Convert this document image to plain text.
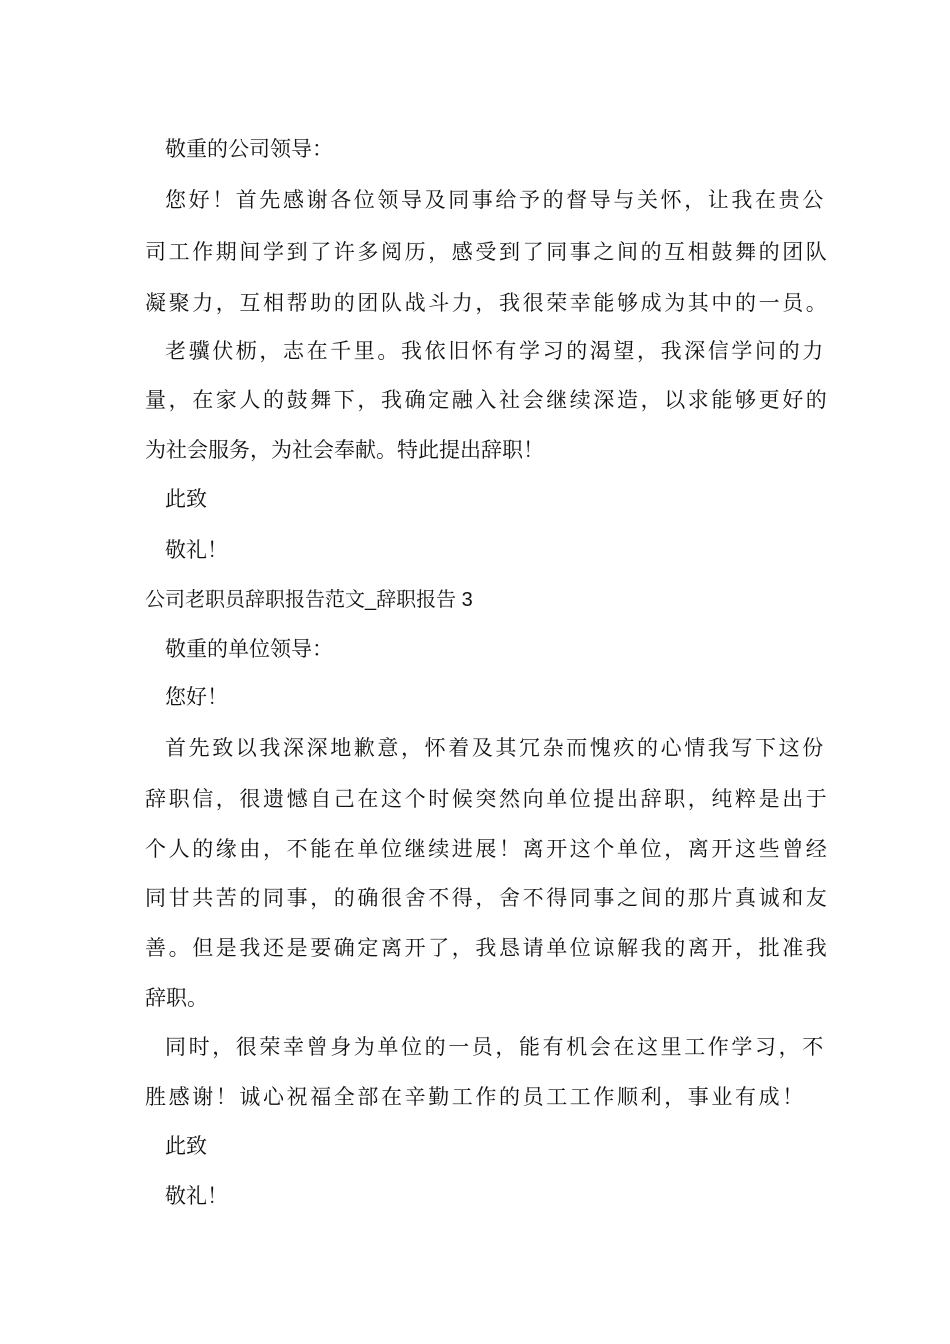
敬重的公司领导：
您好！首先感谢各位领导及同事给予的督导与关怀，让我在贵公
司工作期间学到了许多阅历，感受到了同事之间的互相鼓舞的团队
凝聚力，互相帮助的团队战斗力，我很荣幸能够成为其中的一员。
老骥伏枥，志在千里。我依旧怀有学习的渴望，我深信学问的力
量，在家人的鼓舞下，我确定融入社会继续深造，以求能够更好的
为社会服务，为社会奉献。特此提出辞职！
此致
敬礼！
公司老职员辞职报告范文_辞职报告 3
敬重的单位领导：
您好！
首先致以我深深地歉意，怀着及其冗杂而愧疚的心情我写下这份
辞职信，很遗憾自己在这个时候突然向单位提出辞职，纯粹是出于
个人的缘由，不能在单位继续进展！离开这个单位，离开这些曾经
同甘共苦的同事，的确很舍不得，舍不得同事之间的那片真诚和友
善。但是我还是要确定离开了，我恳请单位谅解我的离开，批准我
辞职。
同时，很荣幸曾身为单位的一员，能有机会在这里工作学习，不
胜感谢！诚心祝福全部在辛勤工作的员工工作顺利，事业有成！
此致
敬礼！
